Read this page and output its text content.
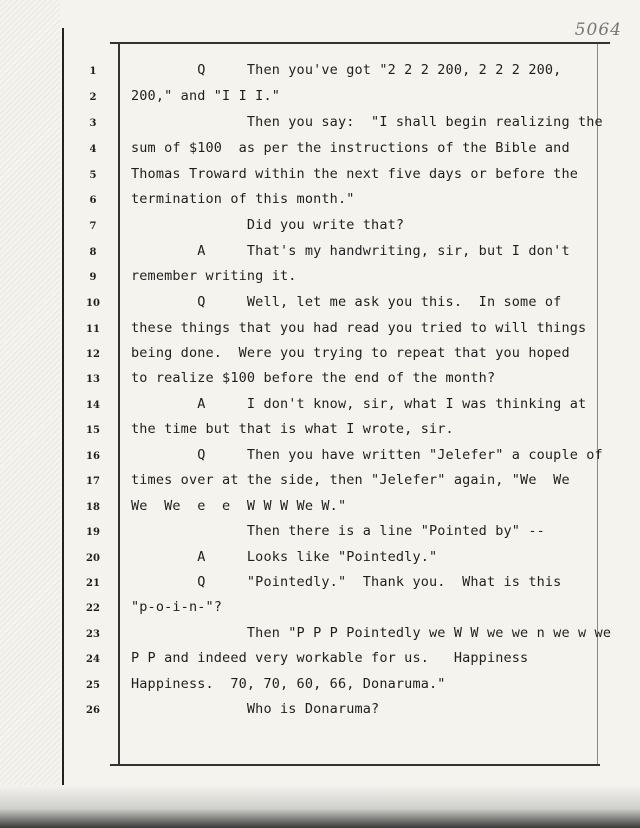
5064
1	Q     Then you've got "2 2 2 200, 2 2 2 200,
2	200," and "I I I."
3	Then you say:  "I shall begin realizing the
4	sum of $100  as per the instructions of the Bible and
5	Thomas Troward within the next five days or before the
6	termination of this month."
7	Did you write that?
8	A     That's my handwriting, sir, but I don't
9	remember writing it.
10	Q     Well, let me ask you this.  In some of
11	these things that you had read you tried to will things
12	being done.  Were you trying to repeat that you hoped
13	to realize $100 before the end of the month?
14	A     I don't know, sir, what I was thinking at
15	the time but that is what I wrote, sir.
16	Q     Then you have written "Jelefer" a couple of
17	times over at the side, then "Jelefer" again, "We  We
18	We  We  e  e  W W W We W."
19	Then there is a line "Pointed by" --
20	A     Looks like "Pointedly."
21	Q     "Pointedly."  Thank you.  What is this
22	"p-o-i-n-"?
23	Then "P P P Pointedly we W W we we n we w we
24	P P and indeed very workable for us.   Happiness
25	Happiness.  70, 70, 60, 66, Donaruma."
26	Who is Donaruma?
